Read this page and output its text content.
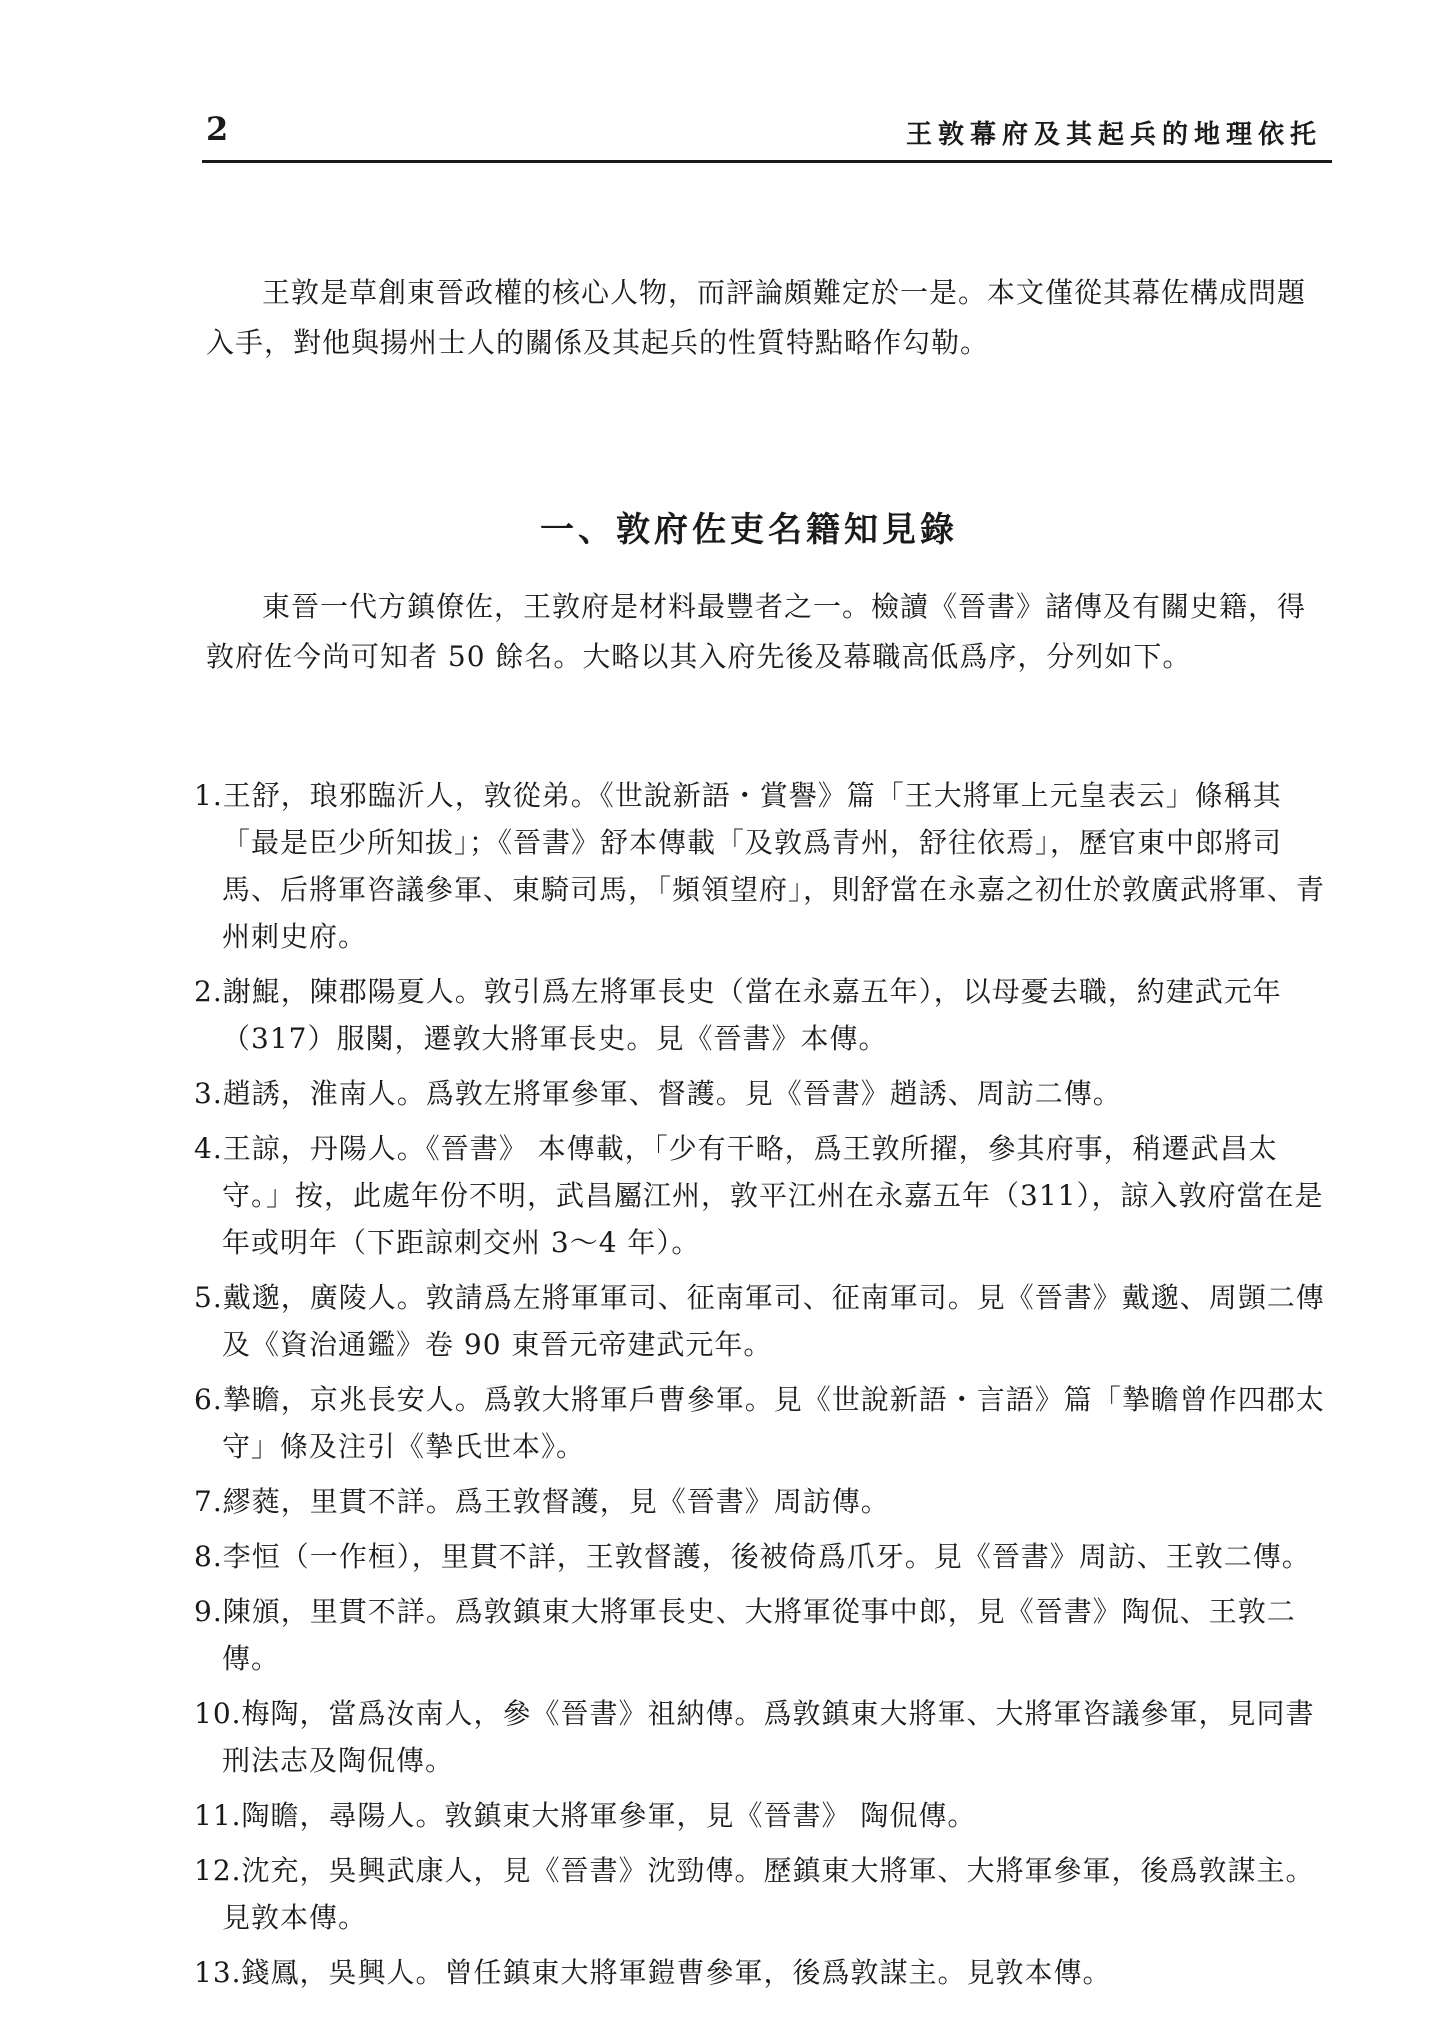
2	王敦幕府及其起兵的地理依托
王敦是草創東晉政權的核心人物，而評論頗難定於一是。本文僅從其幕佐構成問題入手，對他與揚州士人的關係及其起兵的性質特點略作勾勒。
一、敦府佐吏名籍知見錄
東晉一代方鎮僚佐，王敦府是材料最豐者之一。檢讀《晉書》諸傳及有關史籍，得敦府佐今尚可知者 50 餘名。大略以其入府先後及幕職高低爲序，分列如下。
1.王舒，琅邪臨沂人，敦從弟。《世說新語・賞譽》篇「王大將軍上元皇表云」條稱其「最是臣少所知拔」；《晉書》舒本傳載「及敦爲青州，舒往依焉」，歷官東中郎將司馬、后將軍咨議參軍、東騎司馬，「頻領望府」，則舒當在永嘉之初仕於敦廣武將軍、青州刺史府。
2.謝鯤，陳郡陽夏人。敦引爲左將軍長史（當在永嘉五年），以母憂去職，約建武元年（317）服闋，遷敦大將軍長史。見《晉書》本傳。
3.趙誘，淮南人。爲敦左將軍參軍、督護。見《晉書》趙誘、周訪二傳。
4.王諒，丹陽人。《晉書》 本傳載，「少有干略，爲王敦所擢，參其府事，稍遷武昌太守。」按，此處年份不明，武昌屬江州，敦平江州在永嘉五年（311），諒入敦府當在是年或明年（下距諒刺交州 3～4 年）。
5.戴邈，廣陵人。敦請爲左將軍軍司、征南軍司、征南軍司。見《晉書》戴邈、周顗二傳及《資治通鑑》卷 90 東晉元帝建武元年。
6.摯瞻，京兆長安人。爲敦大將軍戶曹參軍。見《世說新語・言語》篇「摯瞻曾作四郡太守」條及注引《摯氏世本》。
7.繆蕤，里貫不詳。爲王敦督護，見《晉書》周訪傳。
8.李恒（一作桓），里貫不詳，王敦督護，後被倚爲爪牙。見《晉書》周訪、王敦二傳。
9.陳頒，里貫不詳。爲敦鎮東大將軍長史、大將軍從事中郎，見《晉書》陶侃、王敦二傳。
10.梅陶，當爲汝南人，參《晉書》祖納傳。爲敦鎮東大將軍、大將軍咨議參軍，見同書刑法志及陶侃傳。
11.陶瞻，尋陽人。敦鎮東大將軍參軍，見《晉書》 陶侃傳。
12.沈充，吳興武康人，見《晉書》沈勁傳。歷鎮東大將軍、大將軍參軍，後爲敦謀主。見敦本傳。
13.錢鳳，吳興人。曾任鎮東大將軍鎧曹參軍，後爲敦謀主。見敦本傳。
